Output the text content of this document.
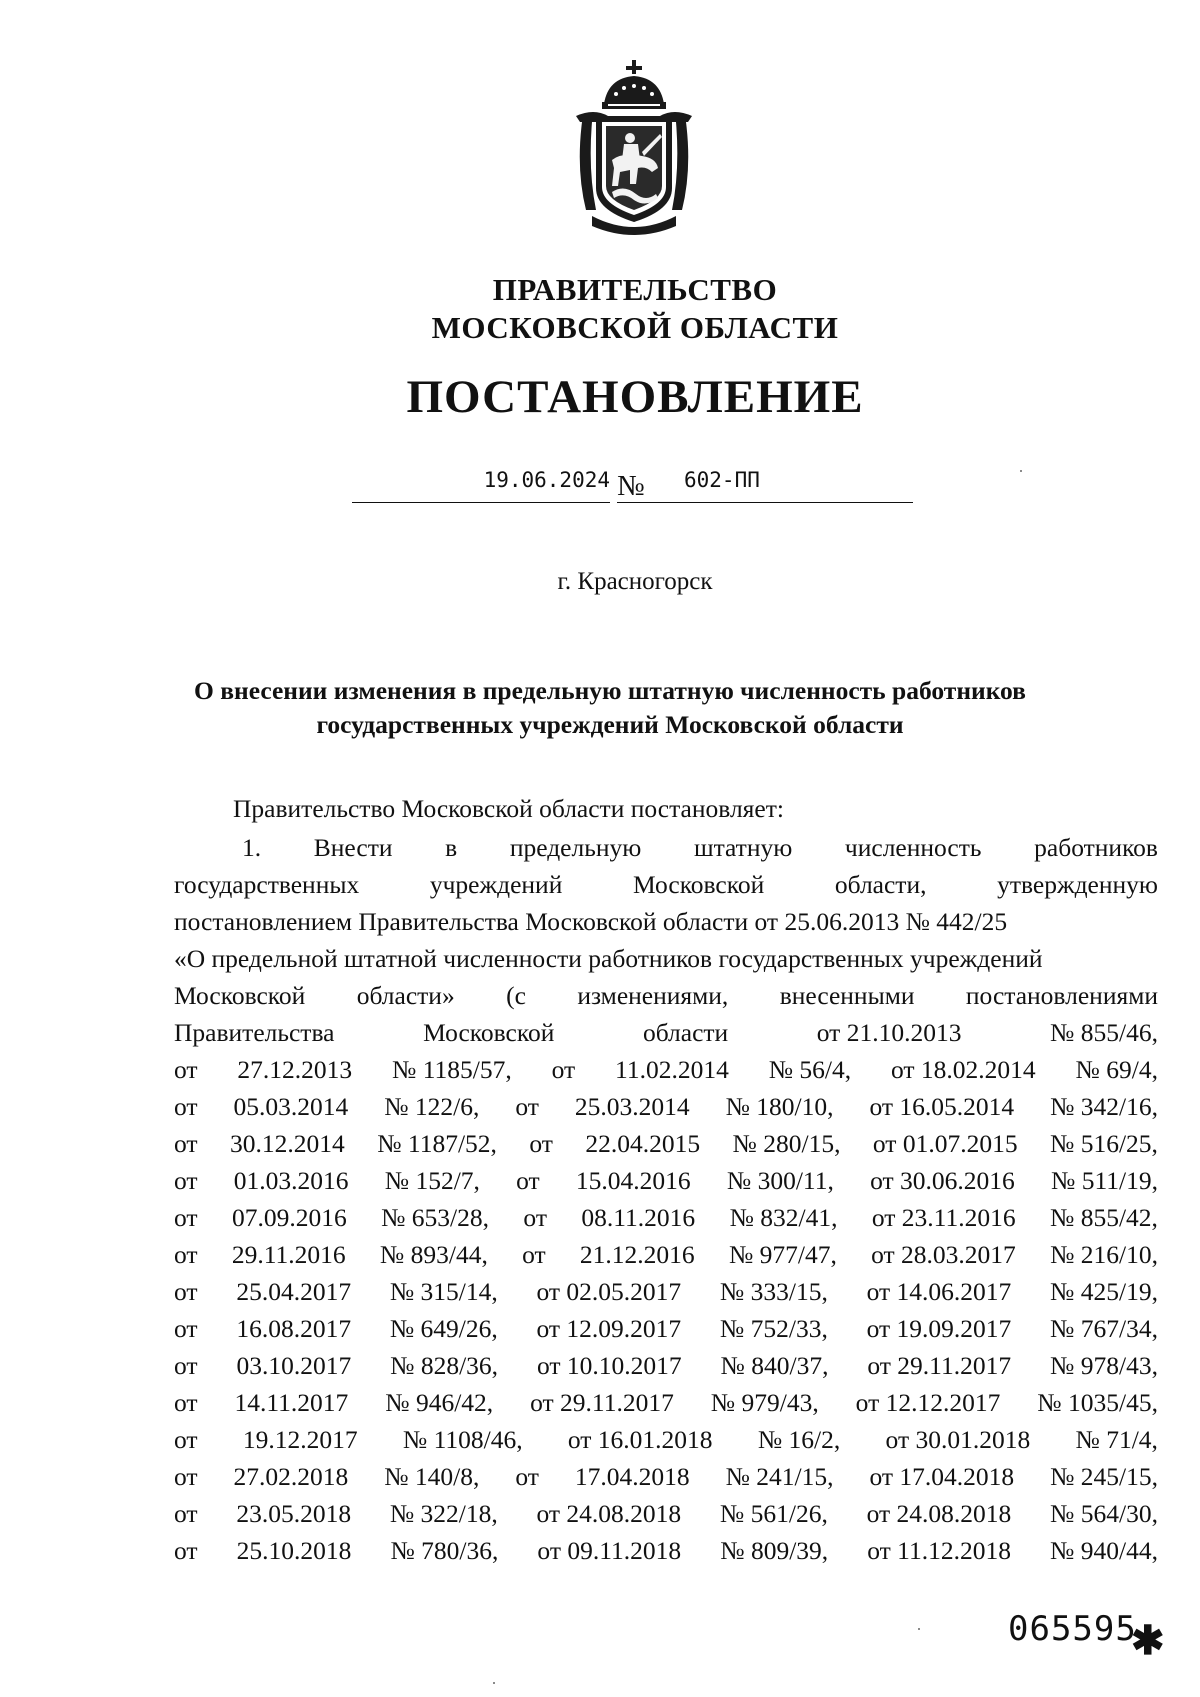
ПРАВИТЕЛЬСТВО
МОСКОВСКОЙ ОБЛАСТИ
ПОСТАНОВЛЕНИЕ
19.06.2024 № 602-ПП
г. Красногорск
О внесении изменения в предельную штатную численность работников
государственных учреждений Московской области
Правительство Московской области постановляет:
1. Внести в предельную штатную численность работников
государственных	учреждений	Московской	области,	утвержденную
постановлением Правительства Московской области от 25.06.2013 № 442/25
«О предельной штатной численности работников государственных учреждений
Московской области» (с изменениями, внесенными постановлениями
Правительства	Московской	области	от 21.10.2013	№ 855/46,
от 27.12.2013 № 1185/57, от 11.02.2014 № 56/4, от 18.02.2014 № 69/4,
от 05.03.2014 № 122/6, от 25.03.2014 № 180/10, от 16.05.2014 № 342/16,
от 30.12.2014 № 1187/52, от 22.04.2015 № 280/15, от 01.07.2015 № 516/25,
от 01.03.2016 № 152/7, от 15.04.2016 № 300/11, от 30.06.2016 № 511/19,
от 07.09.2016 № 653/28, от 08.11.2016 № 832/41, от 23.11.2016 № 855/42,
от 29.11.2016 № 893/44, от 21.12.2016 № 977/47, от 28.03.2017 № 216/10,
от 25.04.2017 № 315/14, от 02.05.2017 № 333/15, от 14.06.2017 № 425/19,
от 16.08.2017 № 649/26, от 12.09.2017 № 752/33, от 19.09.2017 № 767/34,
от 03.10.2017 № 828/36, от 10.10.2017 № 840/37, от 29.11.2017 № 978/43,
от 14.11.2017 № 946/42, от 29.11.2017 № 979/43, от 12.12.2017 № 1035/45,
от 19.12.2017 № 1108/46, от 16.01.2018 № 16/2, от 30.01.2018 № 71/4,
от 27.02.2018 № 140/8, от 17.04.2018 № 241/15, от 17.04.2018 № 245/15,
от 23.05.2018 № 322/18, от 24.08.2018 № 561/26, от 24.08.2018 № 564/30,
от 25.10.2018 № 780/36, от 09.11.2018 № 809/39, от 11.12.2018 № 940/44,
065595
✱
